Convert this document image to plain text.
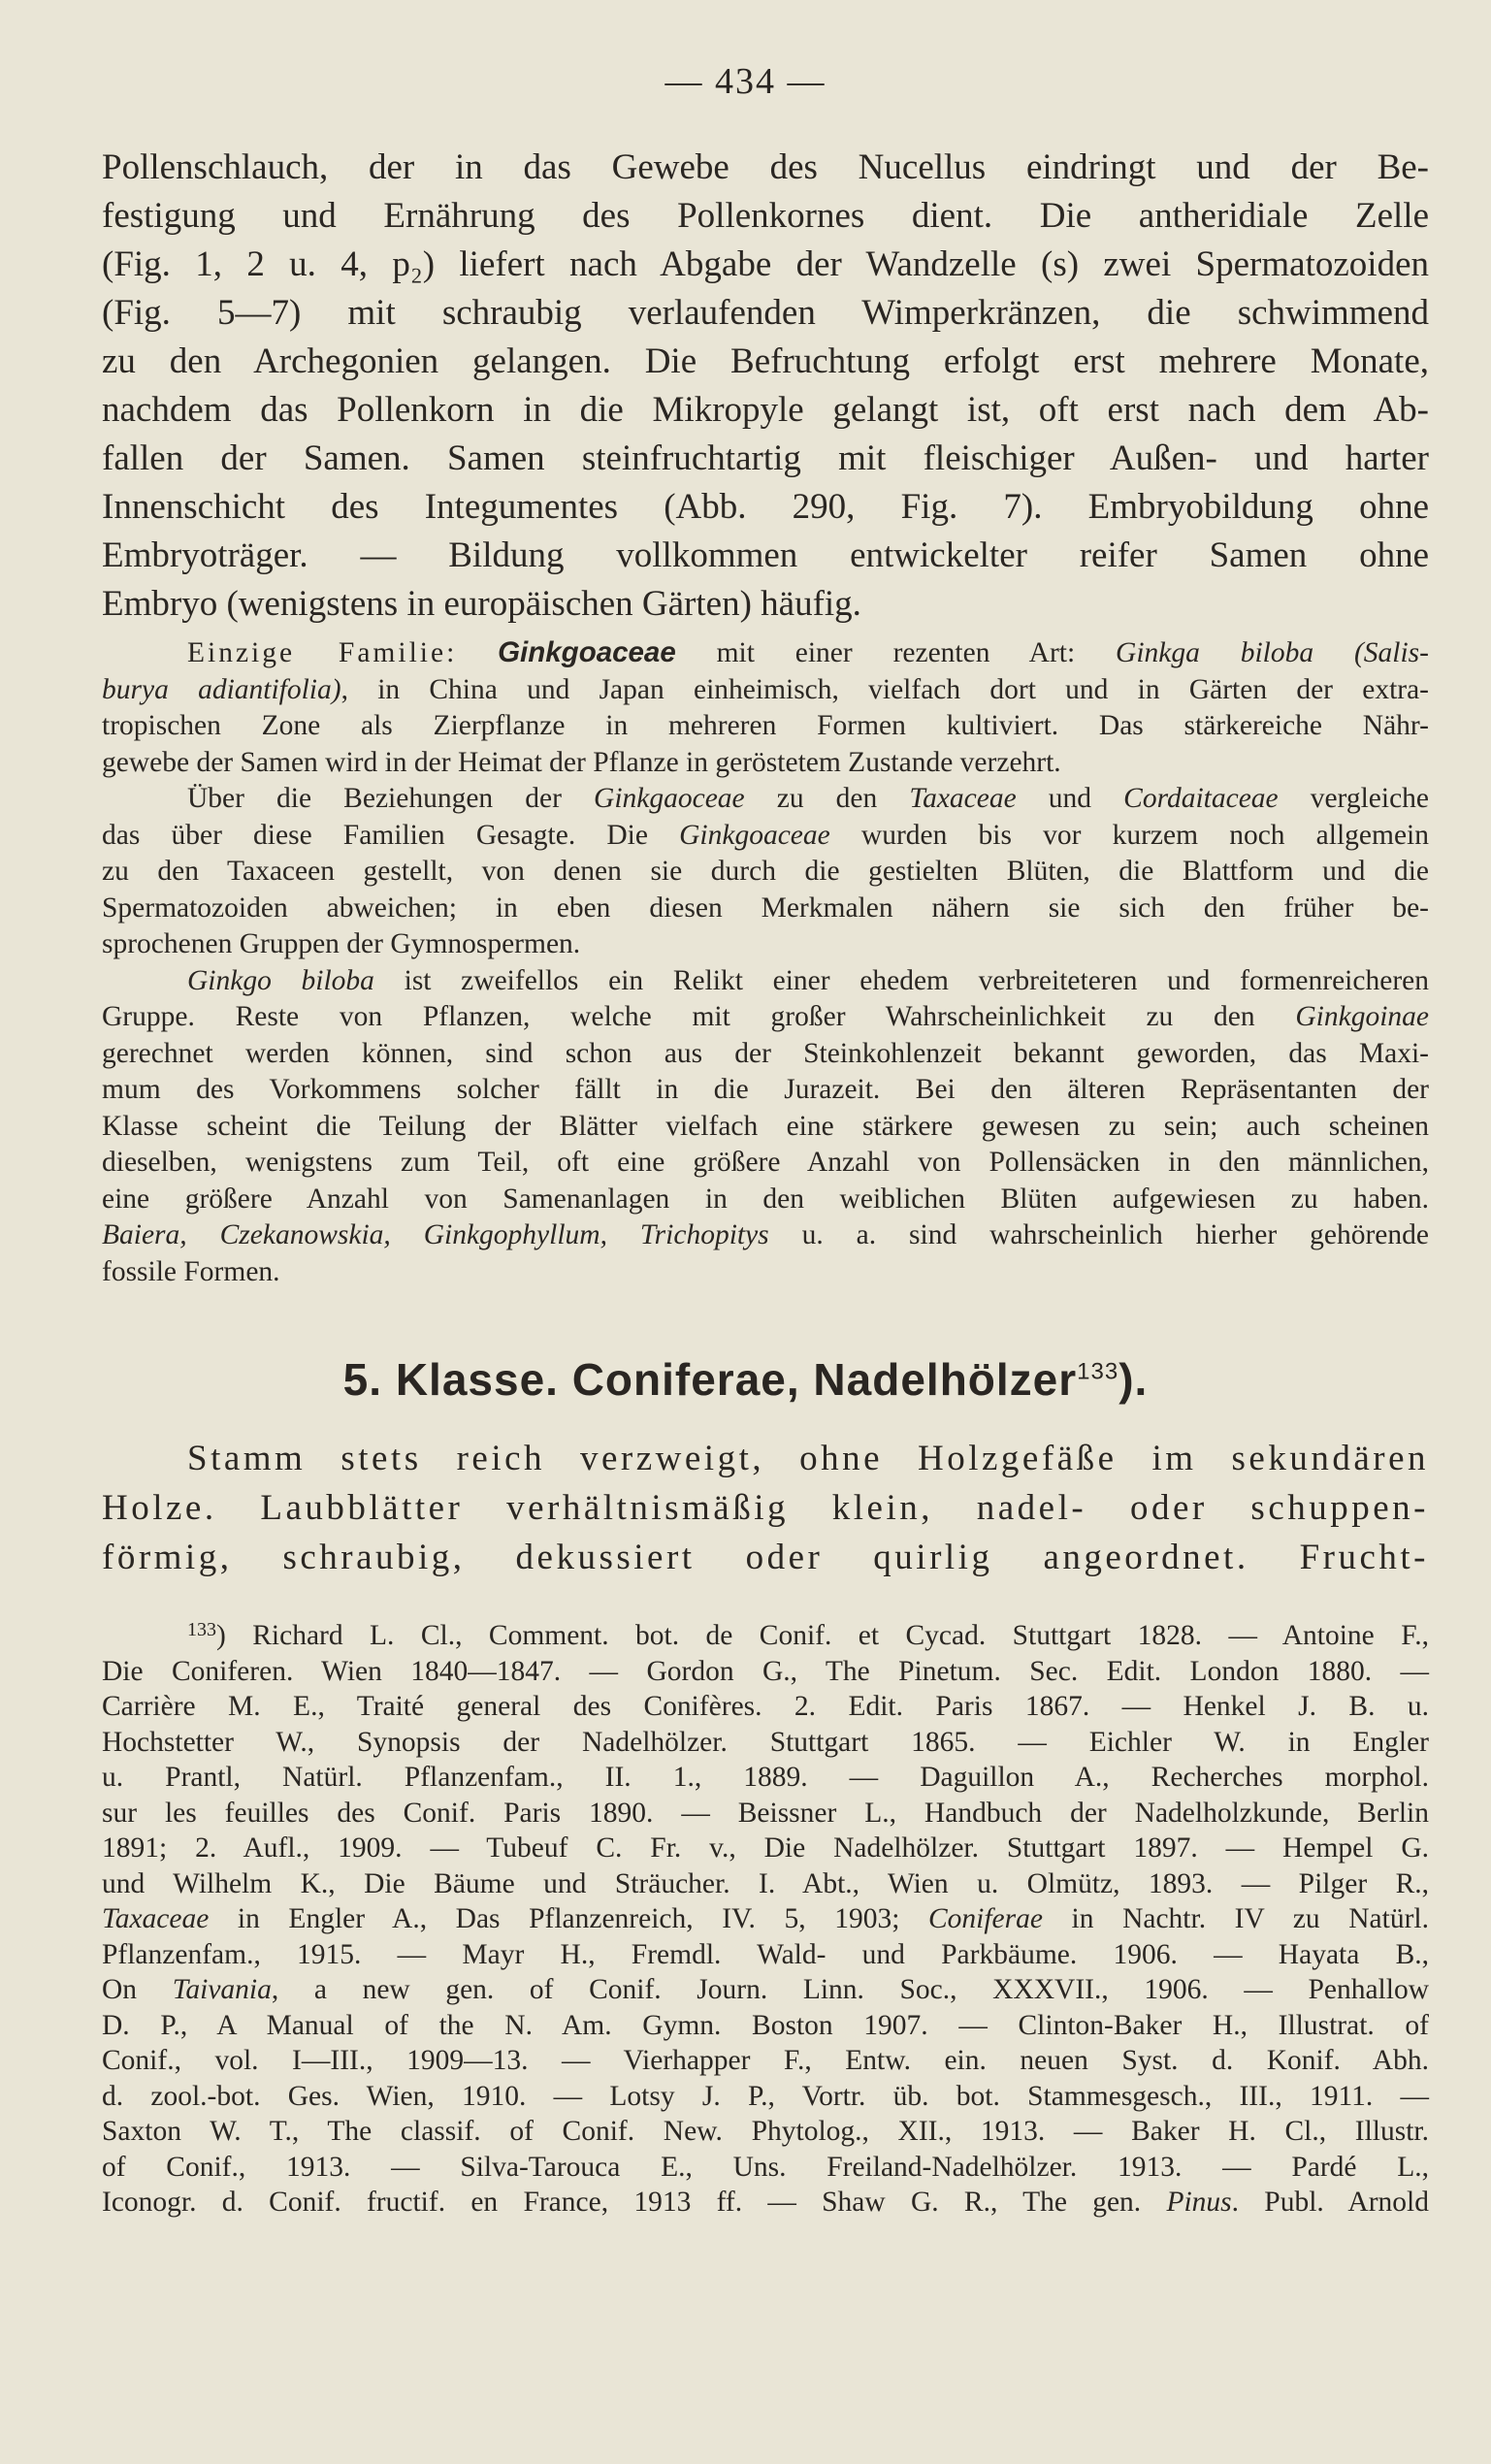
— 434 —
Pollenschlauch, der in das Gewebe des Nucellus eindringt und der Be-
festigung und Ernährung des Pollenkornes dient. Die antheridiale Zelle
(Fig. 1, 2 u. 4, p₂) liefert nach Abgabe der Wandzelle (s) zwei Spermatozoiden
(Fig. 5—7) mit schraubig verlaufenden Wimperkränzen, die schwimmend
zu den Archegonien gelangen. Die Befruchtung erfolgt erst mehrere Monate,
nachdem das Pollenkorn in die Mikropyle gelangt ist, oft erst nach dem Ab-
fallen der Samen. Samen steinfruchtartig mit fleischiger Außen- und harter
Innenschicht des Integumentes (Abb. 290, Fig. 7). Embryobildung ohne
Embryoträger. — Bildung vollkommen entwickelter reifer Samen ohne
Embryo (wenigstens in europäischen Gärten) häufig.
Einzige Familie: Ginkgoaceae mit einer rezenten Art: Ginkga biloba (Salis-
burya adiantifolia), in China und Japan einheimisch, vielfach dort und in Gärten der extra-
tropischen Zone als Zierpflanze in mehreren Formen kultiviert. Das stärkereiche Nähr-
gewebe der Samen wird in der Heimat der Pflanze in geröstetem Zustande verzehrt.
Über die Beziehungen der Ginkgaoceae zu den Taxaceae und Cordaitaceae vergleiche
das über diese Familien Gesagte. Die Ginkgoaceae wurden bis vor kurzem noch allgemein
zu den Taxaceen gestellt, von denen sie durch die gestielten Blüten, die Blattform und die
Spermatozoiden abweichen; in eben diesen Merkmalen nähern sie sich den früher be-
sprochenen Gruppen der Gymnospermen.
Ginkgo biloba ist zweifellos ein Relikt einer ehedem verbreiteteren und formenreicheren
Gruppe. Reste von Pflanzen, welche mit großer Wahrscheinlichkeit zu den Ginkgoinae
gerechnet werden können, sind schon aus der Steinkohlenzeit bekannt geworden, das Maxi-
mum des Vorkommens solcher fällt in die Jurazeit. Bei den älteren Repräsentanten der
Klasse scheint die Teilung der Blätter vielfach eine stärkere gewesen zu sein; auch scheinen
dieselben, wenigstens zum Teil, oft eine größere Anzahl von Pollensäcken in den männlichen,
eine größere Anzahl von Samenanlagen in den weiblichen Blüten aufgewiesen zu haben.
Baiera, Czekanowskia, Ginkgophyllum, Trichopitys u. a. sind wahrscheinlich hierher gehörende
fossile Formen.
5. Klasse. Coniferae, Nadelhölzer$^{133}$).
Stamm stets reich verzweigt, ohne Holzgefäße im sekundären
Holze. Laubblätter verhältnismäßig klein, nadel- oder schuppen-
förmig, schraubig, dekussiert oder quirlig angeordnet. Frucht-
$^{133}$) Richard L. Cl., Comment. bot. de Conif. et Cycad. Stuttgart 1828. — Antoine F.,
Die Coniferen. Wien 1840—1847. — Gordon G., The Pinetum. Sec. Edit. London 1880. —
Carrière M. E., Traité general des Conifères. 2. Edit. Paris 1867. — Henkel J. B. u.
Hochstetter W., Synopsis der Nadelhölzer. Stuttgart 1865. — Eichler W. in Engler
u. Prantl, Natürl. Pflanzenfam., II. 1., 1889. — Daguillon A., Recherches morphol.
sur les feuilles des Conif. Paris 1890. — Beissner L., Handbuch der Nadelholzkunde, Berlin
1891; 2. Aufl., 1909. — Tubeuf C. Fr. v., Die Nadelhölzer. Stuttgart 1897. — Hempel G.
und Wilhelm K., Die Bäume und Sträucher. I. Abt., Wien u. Olmütz, 1893. — Pilger R.,
Taxaceae in Engler A., Das Pflanzenreich, IV. 5, 1903; Coniferae in Nachtr. IV zu Natürl.
Pflanzenfam., 1915. — Mayr H., Fremdl. Wald- und Parkbäume. 1906. — Hayata B.,
On Taivania, a new gen. of Conif. Journ. Linn. Soc., XXXVII., 1906. — Penhallow
D. P., A Manual of the N. Am. Gymn. Boston 1907. — Clinton-Baker H., Illustrat. of
Conif., vol. I—III., 1909—13. — Vierhapper F., Entw. ein. neuen Syst. d. Konif. Abh.
d. zool.-bot. Ges. Wien, 1910. — Lotsy J. P., Vortr. üb. bot. Stammesgesch., III., 1911. —
Saxton W. T., The classif. of Conif. New. Phytolog., XII., 1913. — Baker H. Cl., Illustr.
of Conif., 1913. — Silva-Tarouca E., Uns. Freiland-Nadelhölzer. 1913. — Pardé L.,
Iconogr. d. Conif. fructif. en France, 1913 ff. — Shaw G. R., The gen. Pinus. Publ. Arnold
